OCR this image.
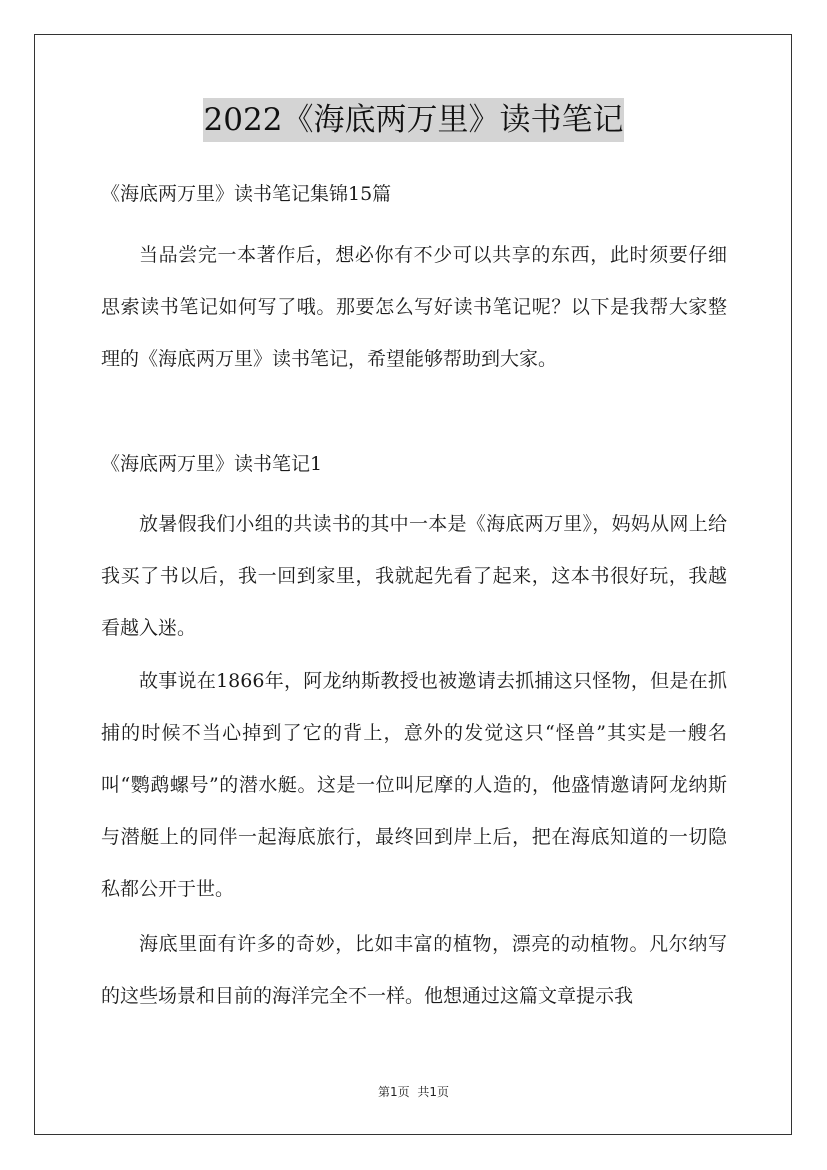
2022《海底两万里》读书笔记
《海底两万里》读书笔记集锦15篇

当品尝完一本著作后，想必你有不少可以共享的东西，此时须要仔细思索读书笔记如何写了哦。那要怎么写好读书笔记呢？以下是我帮大家整理的《海底两万里》读书笔记，希望能够帮助到大家。

《海底两万里》读书笔记1

放暑假我们小组的共读书的其中一本是《海底两万里》，妈妈从网上给我买了书以后，我一回到家里，我就起先看了起来，这本书很好玩，我越看越入迷。

故事说在1866年，阿龙纳斯教授也被邀请去抓捕这只怪物，但是在抓捕的时候不当心掉到了它的背上，意外的发觉这只“怪兽”其实是一艘名叫“鹦鹉螺号”的潜水艇。这是一位叫尼摩的人造的，他盛情邀请阿龙纳斯与潜艇上的同伴一起海底旅行，最终回到岸上后，把在海底知道的一切隐私都公开于世。

海底里面有许多的奇妙，比如丰富的植物，漂亮的动植物。凡尔纳写的这些场景和目前的海洋完全不一样。他想通过这篇文章提示我

第1页 共1页
